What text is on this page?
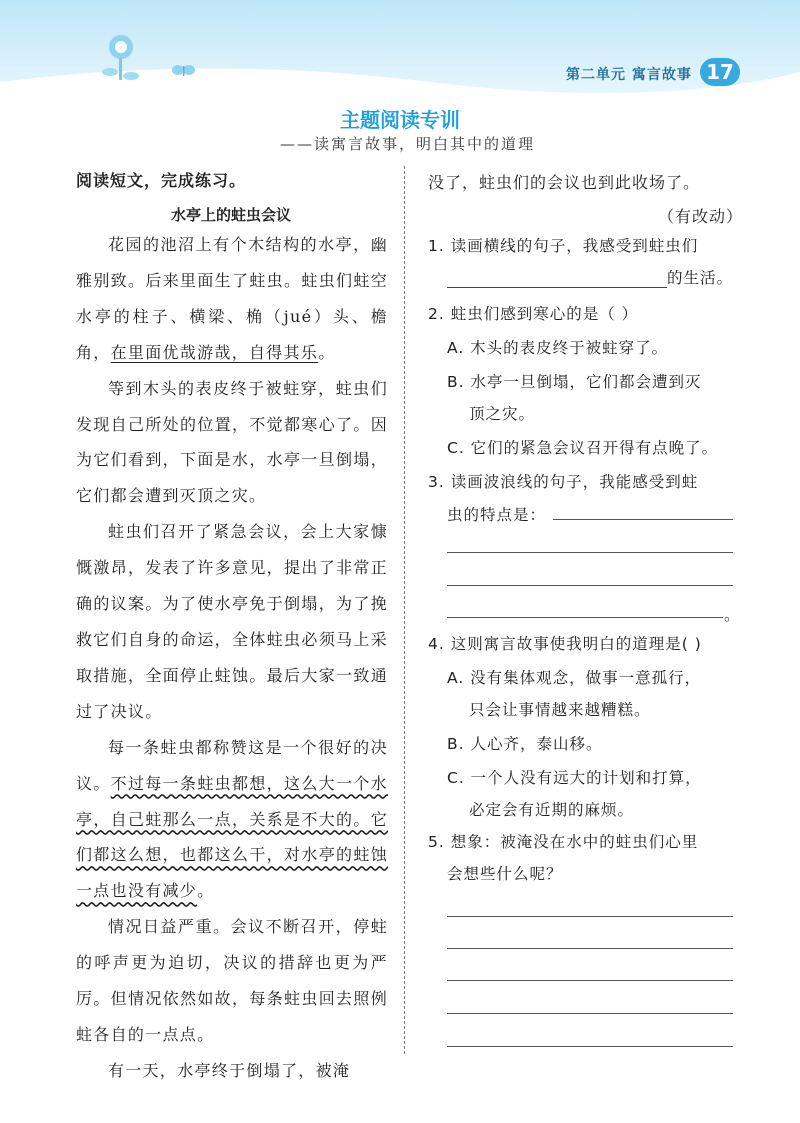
第二单元 寓言故事 17
主题阅读专训
——读寓言故事，明白其中的道理
阅读短文，完成练习。
水亭上的蛀虫会议

花园的池沼上有个木结构的水亭，幽雅别致。后来里面生了蛀虫。蛀虫们蛀空水亭的柱子、横梁、桷（jué）头、檐角，在里面优哉游哉，自得其乐。

等到木头的表皮终于被蛀穿，蛀虫们发现自己所处的位置，不觉都寒心了。因为它们看到，下面是水，水亭一旦倒塌，它们都会遭到灭顶之灾。

蛀虫们召开了紧急会议，会上大家慷慨激昂，发表了许多意见，提出了非常正确的议案。为了使水亭免于倒塌，为了挽救它们自身的命运，全体蛀虫必须马上采取措施，全面停止蛀蚀。最后大家一致通过了决议。

每一条蛀虫都称赞这是一个很好的决议。不过每一条蛀虫都想，这么大一个水亭，自己蛀那么一点，关系是不大的。它们都这么想，也都这么干，对水亭的蛀蚀一点也没有减少。

情况日益严重。会议不断召开，停蛀的呼声更为迫切，决议的措辞也更为严厉。但情况依然如故，每条蛀虫回去照例蛀各自的一点点。

有一天，水亭终于倒塌了，被淹

没了，蛀虫们的会议也到此收场了。
（有改动）
1. 读画横线的句子，我感受到蛀虫们
的生活。
2. 蛀虫们感到寒心的是（ ）
A. 木头的表皮终于被蛀穿了。
B. 水亭一旦倒塌，它们都会遭到灭
顶之灾。
C. 它们的紧急会议召开得有点晚了。
3. 读画波浪线的句子，我能感受到蛀
虫的特点是：
。
4. 这则寓言故事使我明白的道理是( )
A. 没有集体观念，做事一意孤行，
只会让事情越来越糟糕。
B. 人心齐，泰山移。
C. 一个人没有远大的计划和打算，
必定会有近期的麻烦。
5. 想象：被淹没在水中的蛀虫们心里
会想些什么呢？
